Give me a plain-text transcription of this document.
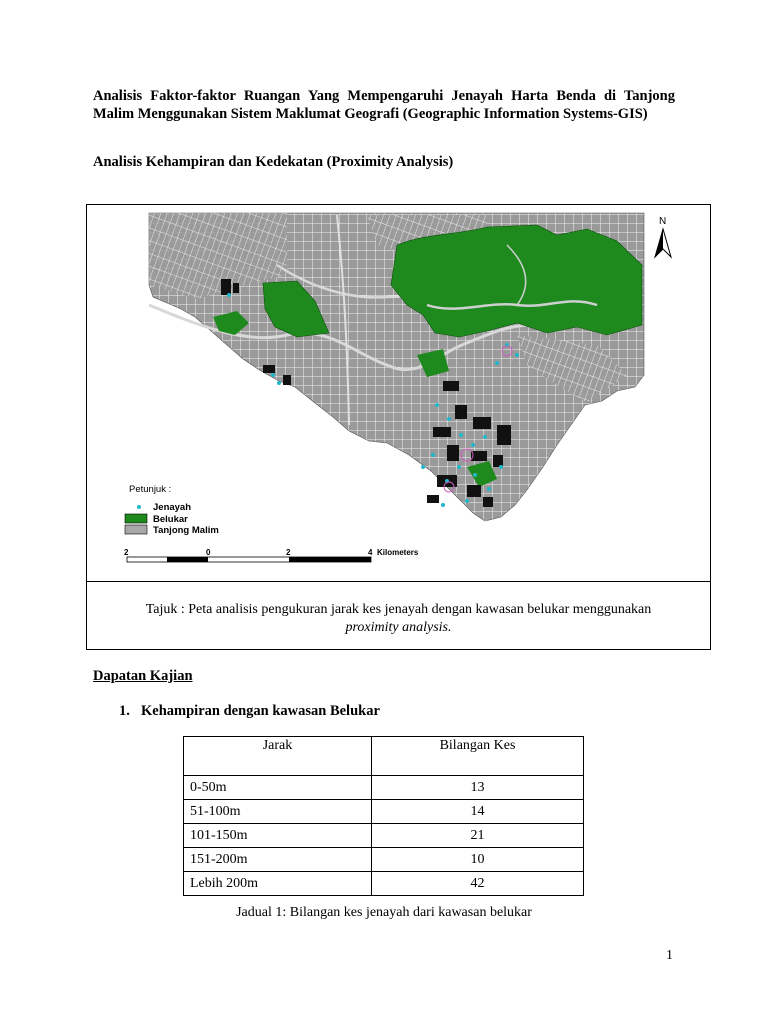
Analisis Faktor-faktor Ruangan Yang Mempengaruhi Jenayah Harta Benda di Tanjong Malim Menggunakan Sistem Maklumat Geografi (Geographic Information Systems-GIS)
Analisis Kehampiran dan Kedekatan (Proximity Analysis)
N
Petunjuk :
Jenayah
Belukar
Tanjong Malim
2	0	2	4 Kilometers
Tajuk : Peta analisis pengukuran jarak kes jenayah dengan kawasan belukar menggunakan
proximity analysis.
Dapatan Kajian
1. Kehampiran dengan kawasan Belukar
Jarak	Bilangan Kes
0-50m	13
51-100m	14
101-150m	21
151-200m	10
Lebih 200m	42
Jadual 1: Bilangan kes jenayah dari kawasan belukar
1
